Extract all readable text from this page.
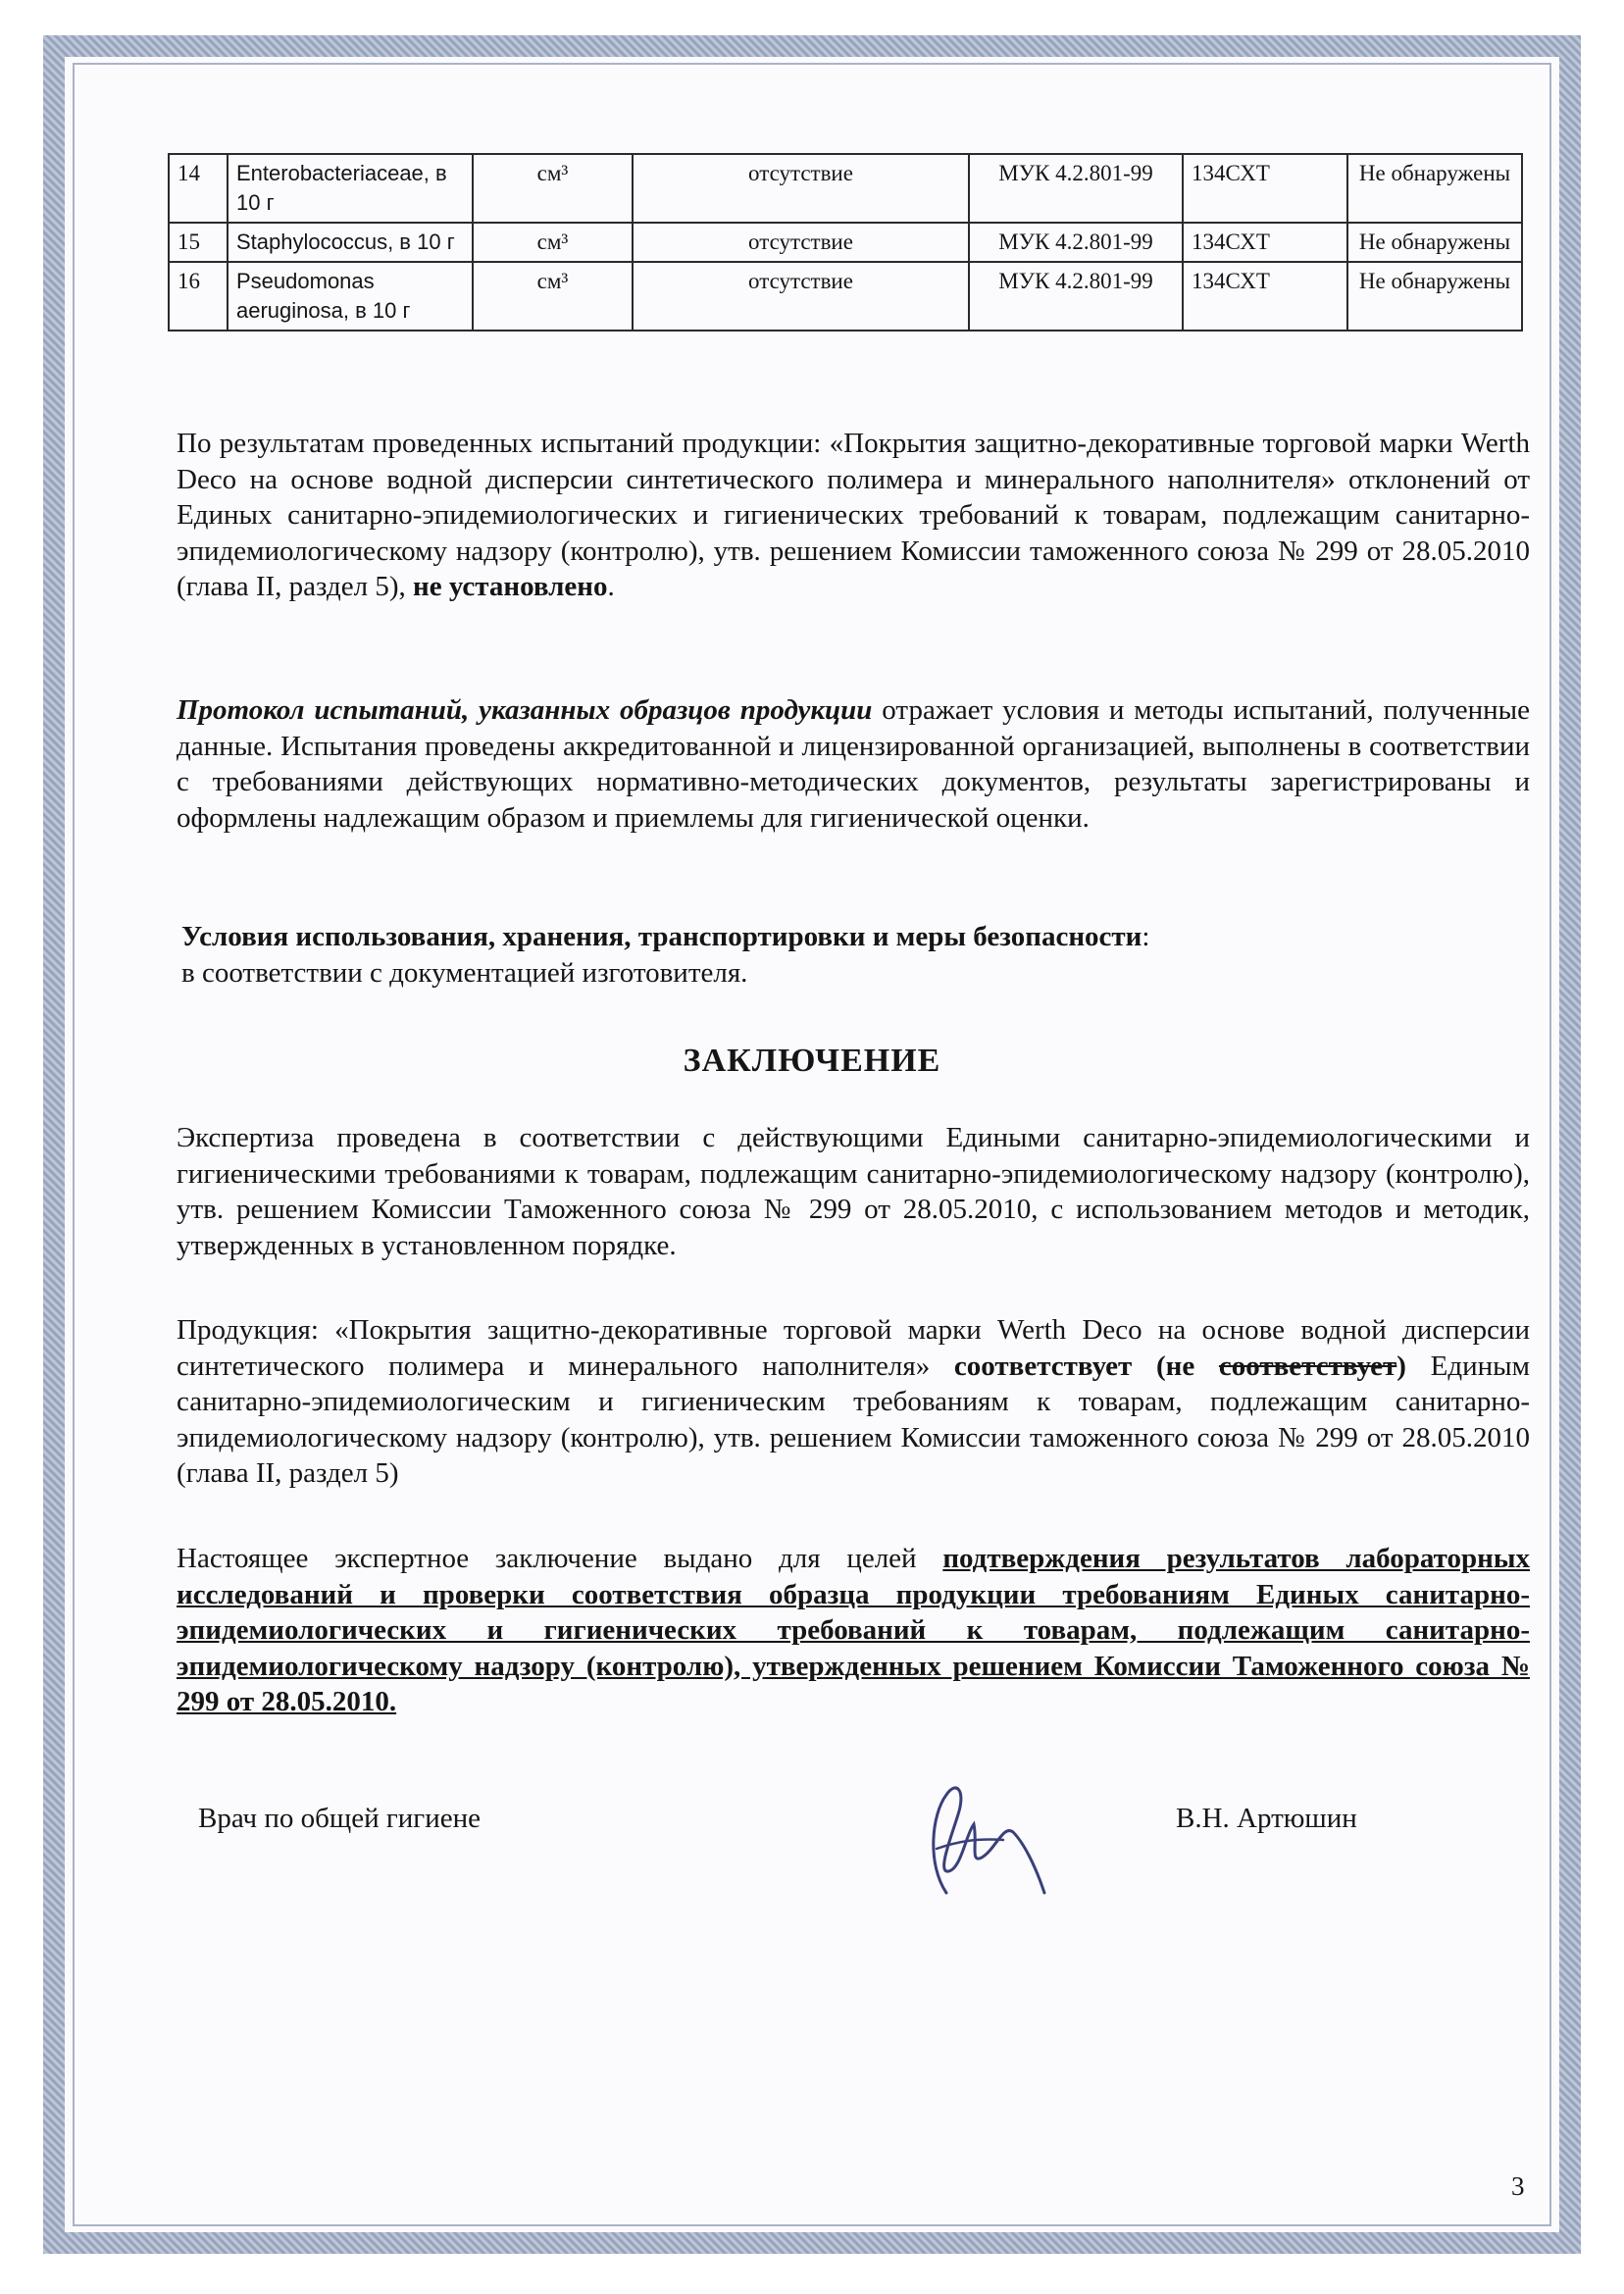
14	Enterobacteriaceae, в 10 г	см³	отсутствие	МУК 4.2.801-99	134СХТ	Не обнаружены
15	Staphylococcus, в 10 г	см³	отсутствие	МУК 4.2.801-99	134СХТ	Не обнаружены
16	Pseudomonas aeruginosa, в 10 г	см³	отсутствие	МУК 4.2.801-99	134СХТ	Не обнаружены
По результатам проведенных испытаний продукции: «Покрытия защитно-декоративные торговой марки Werth Deco на основе водной дисперсии синтетического полимера и минерального наполнителя» отклонений от Единых санитарно-эпидемиологических и гигиенических требований к товарам, подлежащим санитарно-эпидемиологическому надзору (контролю), утв. решением Комиссии таможенного союза № 299 от 28.05.2010 (глава II, раздел 5), не установлено.
Протокол испытаний, указанных образцов продукции отражает условия и методы испытаний, полученные данные. Испытания проведены аккредитованной и лицензированной организацией, выполнены в соответствии с требованиями действующих нормативно-методических документов, результаты зарегистрированы и оформлены надлежащим образом и приемлемы для гигиенической оценки.
Условия использования, хранения, транспортировки и меры безопасности:
в соответствии с документацией изготовителя.
ЗАКЛЮЧЕНИЕ
Экспертиза проведена в соответствии с действующими Едиными санитарно-эпидемиологическими и гигиеническими требованиями к товарам, подлежащим санитарно-эпидемиологическому надзору (контролю), утв. решением Комиссии Таможенного союза № 299 от 28.05.2010, с использованием методов и методик, утвержденных в установленном порядке.
Продукция: «Покрытия защитно-декоративные торговой марки Werth Deco на основе водной дисперсии синтетического полимера и минерального наполнителя» соответствует (не соответствует) Единым санитарно-эпидемиологическим и гигиеническим требованиям к товарам, подлежащим санитарно-эпидемиологическому надзору (контролю), утв. решением Комиссии таможенного союза № 299 от 28.05.2010 (глава II, раздел 5)
Настоящее экспертное заключение выдано для целей подтверждения результатов лабораторных исследований и проверки соответствия образца продукции требованиям Единых санитарно-эпидемиологических и гигиенических требований к товарам, подлежащим санитарно-эпидемиологическому надзору (контролю), утвержденных решением Комиссии Таможенного союза № 299 от 28.05.2010.
Врач по общей гигиене	В.Н. Артюшин
3
